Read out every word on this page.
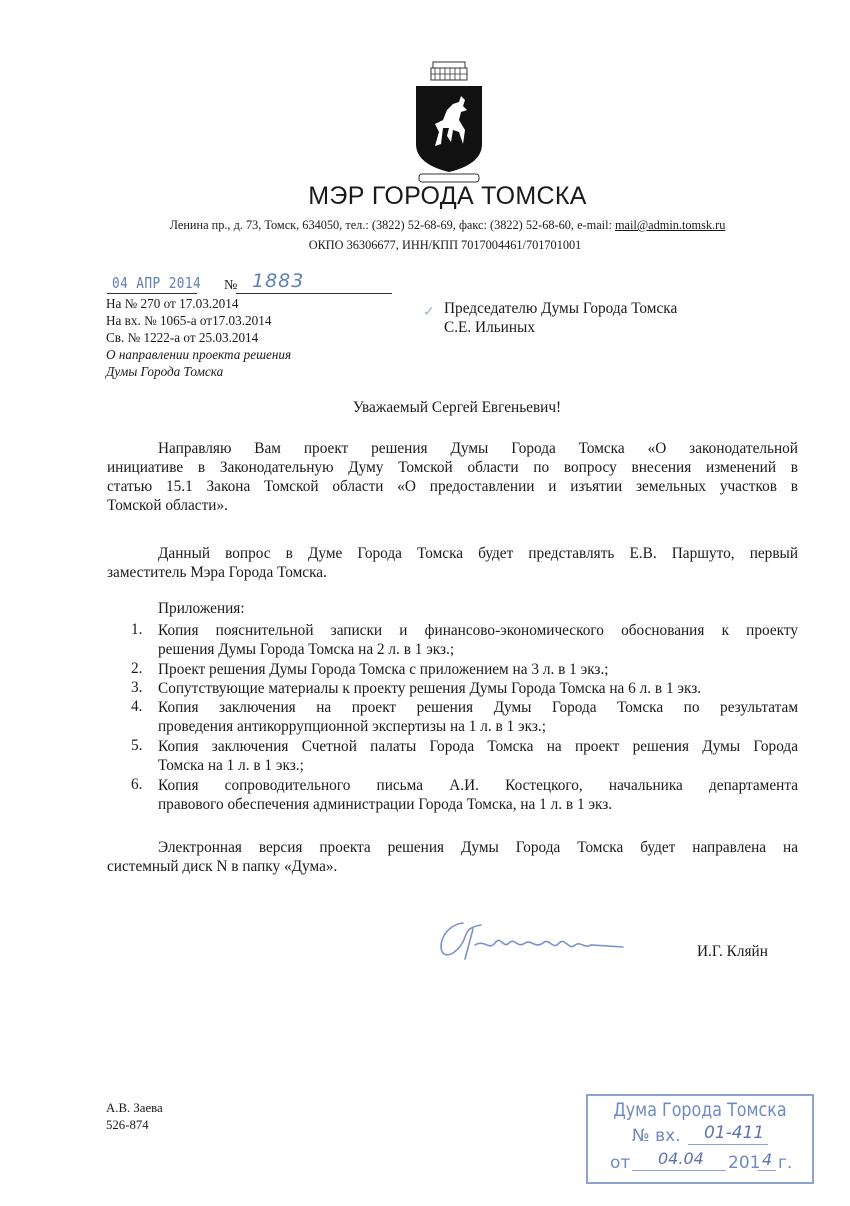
МЭР ГОРОДА ТОМСКА
Ленина пр., д. 73, Томск, 634050, тел.: (3822) 52-68-69, факс: (3822) 52-68-60, e-mail: mail@admin.tomsk.ru
ОКПО 36306677, ИНН/КПП 7017004461/701701001
04 АПР 2014 № 1883
На № 270 от 17.03.2014
На вх. № 1065-а от17.03.2014
Св. № 1222-а от 25.03.2014
О направлении проекта решения
Думы Города Томска
✓ Председателю Думы Города Томска
С.Е. Ильиных
Уважаемый Сергей Евгеньевич!
Направляю Вам проект решения Думы Города Томска «О законодательной
инициативе в Законодательную Думу Томской области по вопросу внесения изменений в
статью 15.1 Закона Томской области «О предоставлении и изъятии земельных участков в
Томской области».
Данный вопрос в Думе Города Томска будет представлять Е.В. Паршуто, первый
заместитель Мэра Города Томска.
Приложения:
1. Копия пояснительной записки и финансово-экономического обоснования к проекту
решения Думы Города Томска на 2 л. в 1 экз.;
2. Проект решения Думы Города Томска с приложением на 3 л. в 1 экз.;
3. Сопутствующие материалы к проекту решения Думы Города Томска на 6 л. в 1 экз.
4. Копия заключения на проект решения Думы Города Томска по результатам
проведения антикоррупционной экспертизы на 1 л. в 1 экз.;
5. Копия заключения Счетной палаты Города Томска на проект решения Думы Города
Томска на 1 л. в 1 экз.;
6. Копия сопроводительного письма А.И. Костецкого, начальника департамента
правового обеспечения администрации Города Томска, на 1 л. в 1 экз.
Электронная версия проекта решения Думы Города Томска будет направлена на
системный диск N в папку «Дума».
И.Г. Кляйн
А.В. Заева
526-874
Дума Города Томска
№ вх. 01-411
от 04.04 201 4 г.
